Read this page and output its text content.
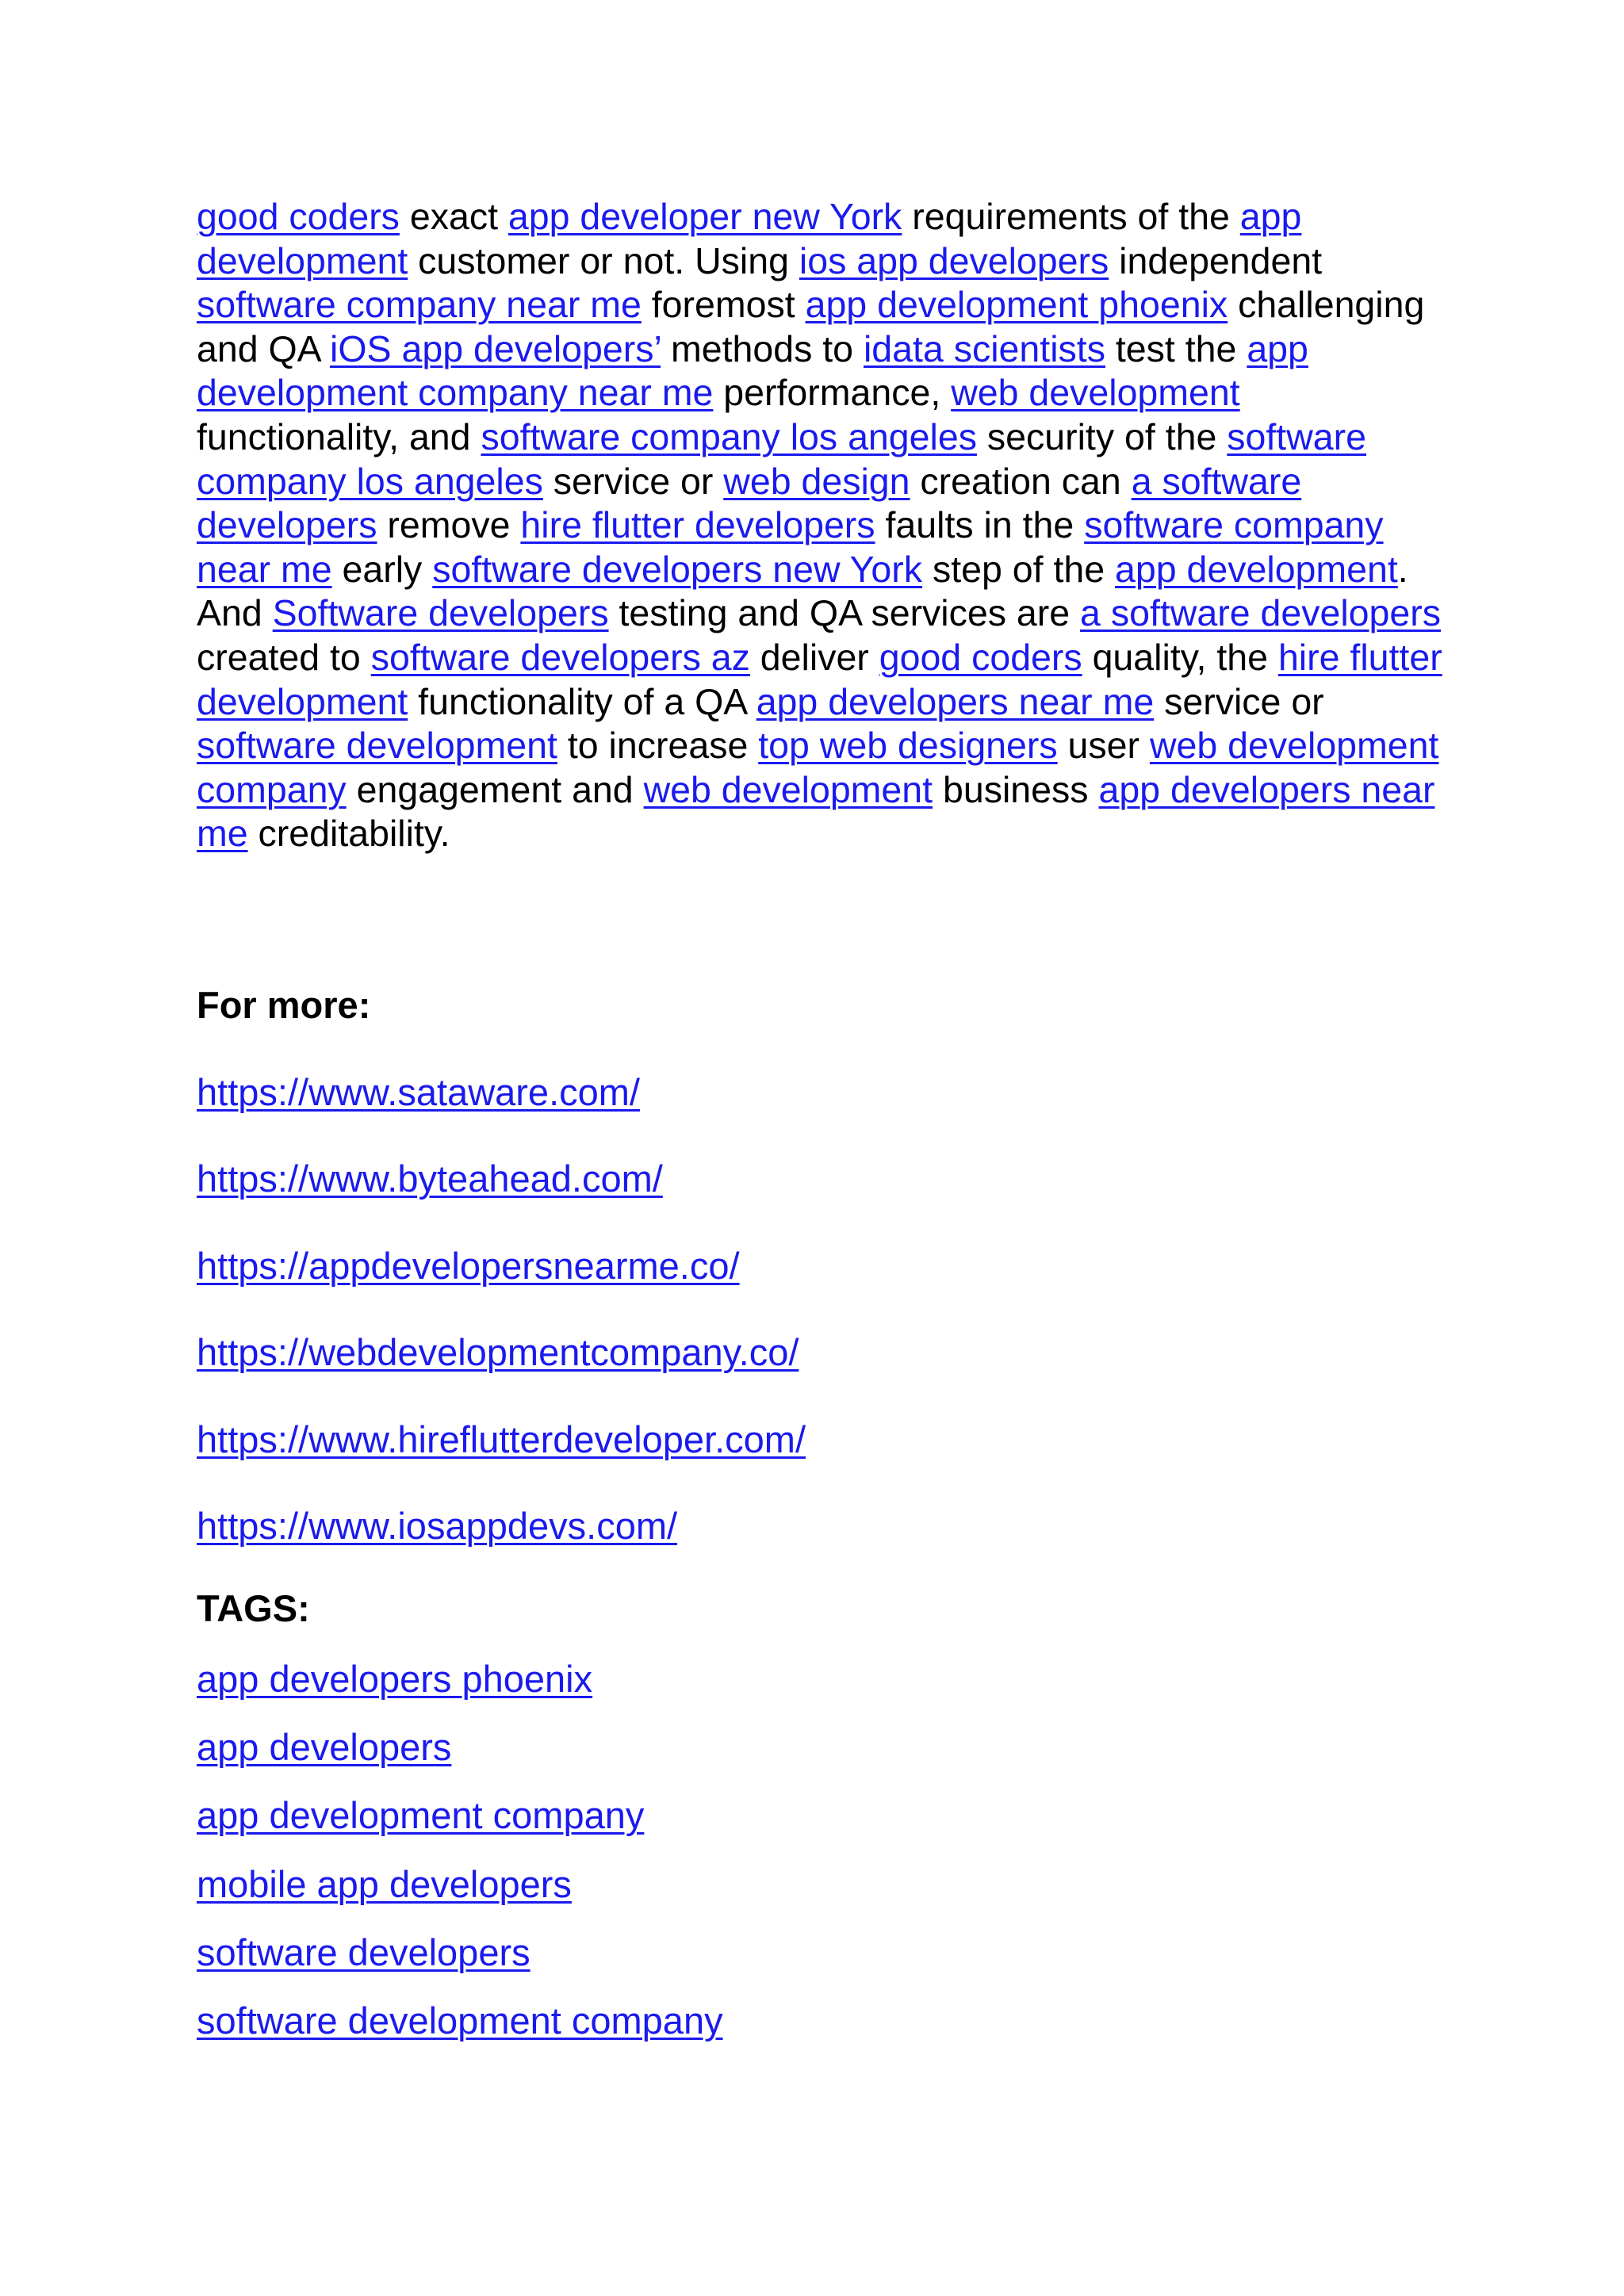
good coders exact app developer new York requirements of the app development customer or not. Using ios app developers independent software company near me foremost app development phoenix challenging and QA iOS app developers’ methods to idata scientists test the app development company near me performance, web development functionality, and software company los angeles security of the software company los angeles service or web design creation can a software developers remove hire flutter developers faults in the software company near me early software developers new York step of the app development. And Software developers testing and QA services are a software developers created to software developers az deliver good coders quality, the hire flutter development functionality of a QA app developers near me service or software development to increase top web designers user web development company engagement and web development business app developers near me creditability.

For more:
https://www.sataware.com/
https://www.byteahead.com/
https://appdevelopersnearme.co/
https://webdevelopmentcompany.co/
https://www.hireflutterdeveloper.com/
https://www.iosappdevs.com/
TAGS:
app developers phoenix
app developers
app development company
mobile app developers
software developers
software development company
